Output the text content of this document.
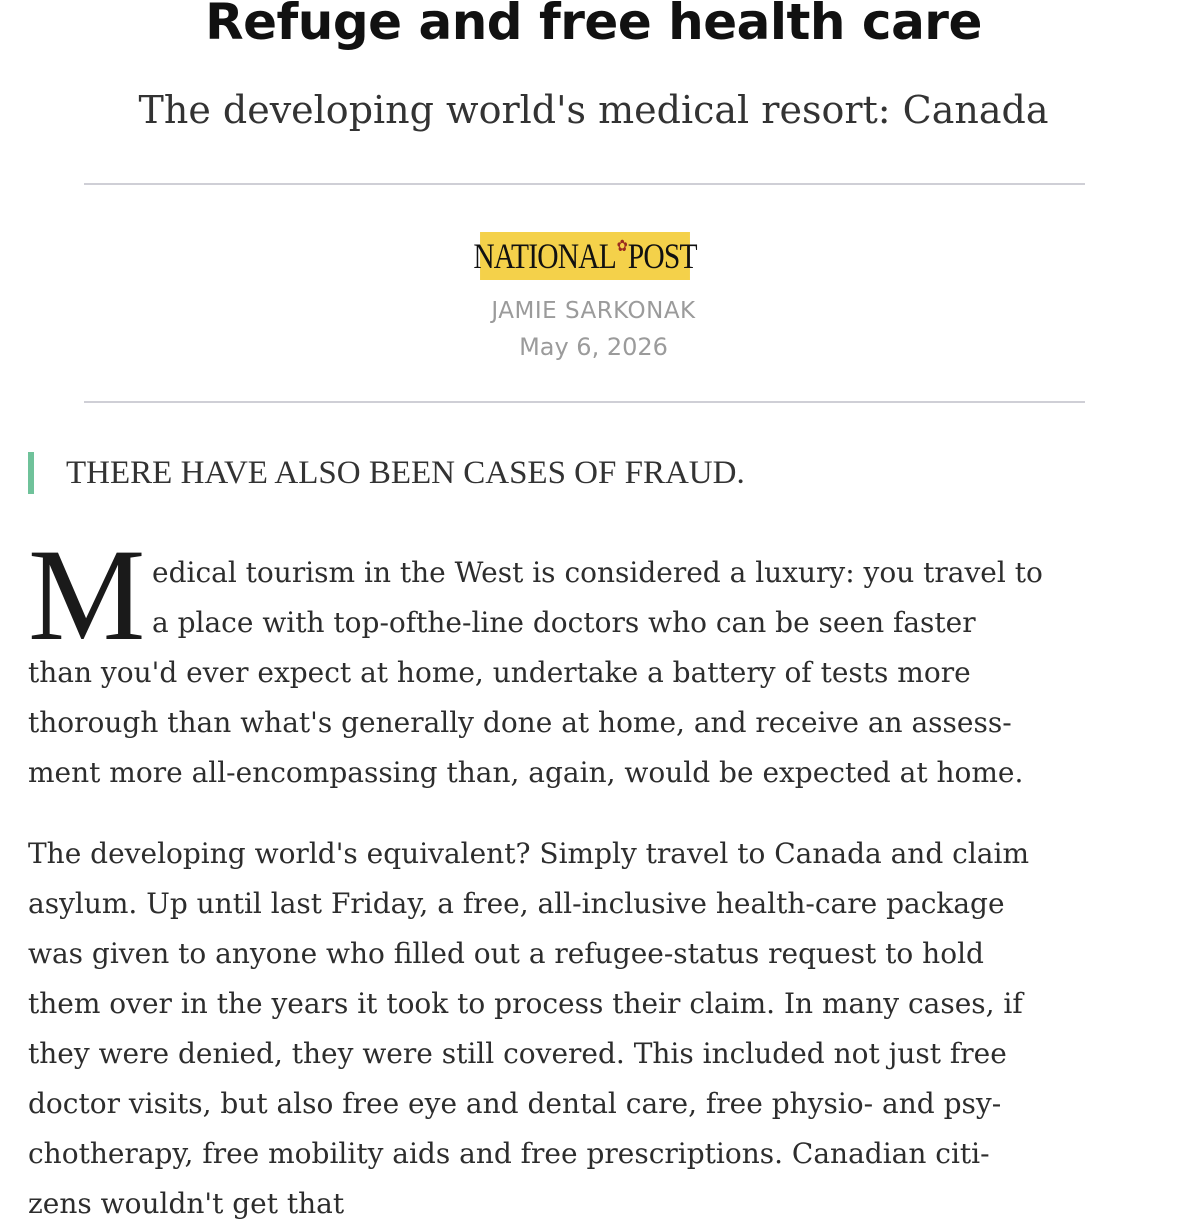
Refuge and free health care
The developing world's medical resort: Canada
NATIONAL ✿ POST
JAMIE SARKONAK
May 6, 2026
THERE HAVE ALSO BEEN CASES OF FRAUD.
M edical tourism in the West is considered a luxury: you travel to
a place with top-ofthe-line doctors who can be seen faster
than you'd ever expect at home, undertake a battery of tests more
thorough than what's generally done at home, and receive an assess-
ment more all-encompassing than, again, would be expected at home.
The developing world's equivalent? Simply travel to Canada and claim
asylum. Up until last Friday, a free, all-inclusive health-care package
was given to anyone who filled out a refugee-status request to hold
them over in the years it took to process their claim. In many cases, if
they were denied, they were still covered. This included not just free
doctor visits, but also free eye and dental care, free physio- and psy-
chotherapy, free mobility aids and free prescriptions. Canadian citi-
zens wouldn't get that
